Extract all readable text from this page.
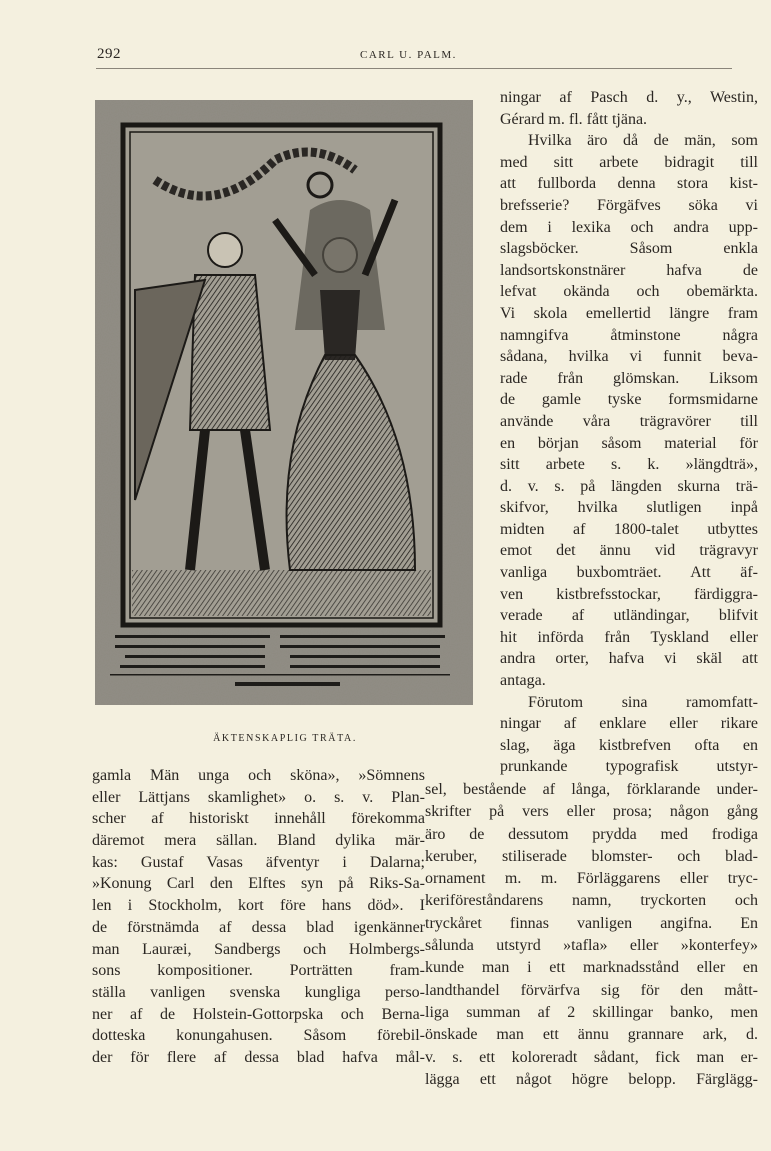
292	CARL U. PALM.
ÄKTENSKAPLIG TRÄTA.
ningar af Pasch d. y., Westin,
Gérard m. fl. fått tjäna.
Hvilka äro då de män, som
med sitt arbete bidragit till
att fullborda denna stora kist-
brefsserie? Förgäfves söka vi
dem i lexika och andra upp-
slagsböcker. Såsom enkla
landsortskonstnärer hafva de
lefvat okända och obemärkta.
Vi skola emellertid längre fram
namngifva åtminstone några
sådana, hvilka vi funnit beva-
rade från glömskan. Liksom
de gamle tyske formsmidarne
använde våra trägravörer till
en början såsom material för
sitt arbete s. k. »längdträ»,
d. v. s. på längden skurna trä-
skifvor, hvilka slutligen inpå
midten af 1800-talet utbyttes
emot det ännu vid trägravyr
vanliga buxbomträet. Att äf-
ven kistbrefsstockar, färdiggra-
verade af utländingar, blifvit
hit införda från Tyskland eller
andra orter, hafva vi skäl att
antaga.
Förutom sina ramomfatt-
ningar af enklare eller rikare
slag, äga kistbrefven ofta en
prunkande typografisk utstyr-
gamla Män unga och sköna», »Sömnens
eller Lättjans skamlighet» o. s. v. Plan-
scher af historiskt innehåll förekomma
däremot mera sällan. Bland dylika mär-
kas: Gustaf Vasas äfventyr i Dalarna;
»Konung Carl den Elftes syn på Riks-Sa-
len i Stockholm, kort före hans död». I
de förstnämda af dessa blad igenkänner
man Lauræi, Sandbergs och Holmbergs-
sons kompositioner. Porträtten fram-
ställa vanligen svenska kungliga perso-
ner af de Holstein-Gottorpska och Berna-
dotteska konungahusen. Såsom förebil-
der för flere af dessa blad hafva mål-
sel, bestående af långa, förklarande under-
skrifter på vers eller prosa; någon gång
äro de dessutom prydda med frodiga
keruber, stiliserade blomster- och blad-
ornament m. m. Förläggarens eller tryc-
keriföreståndarens namn, tryckorten och
tryckåret finnas vanligen angifna. En
sålunda utstyrd »tafla» eller »konterfey»
kunde man i ett marknadsstånd eller en
landthandel förvärfva sig för den mått-
liga summan af 2 skillingar banko, men
önskade man ett ännu grannare ark, d.
v. s. ett koloreradt sådant, fick man er-
lägga ett något högre belopp. Färglägg-
